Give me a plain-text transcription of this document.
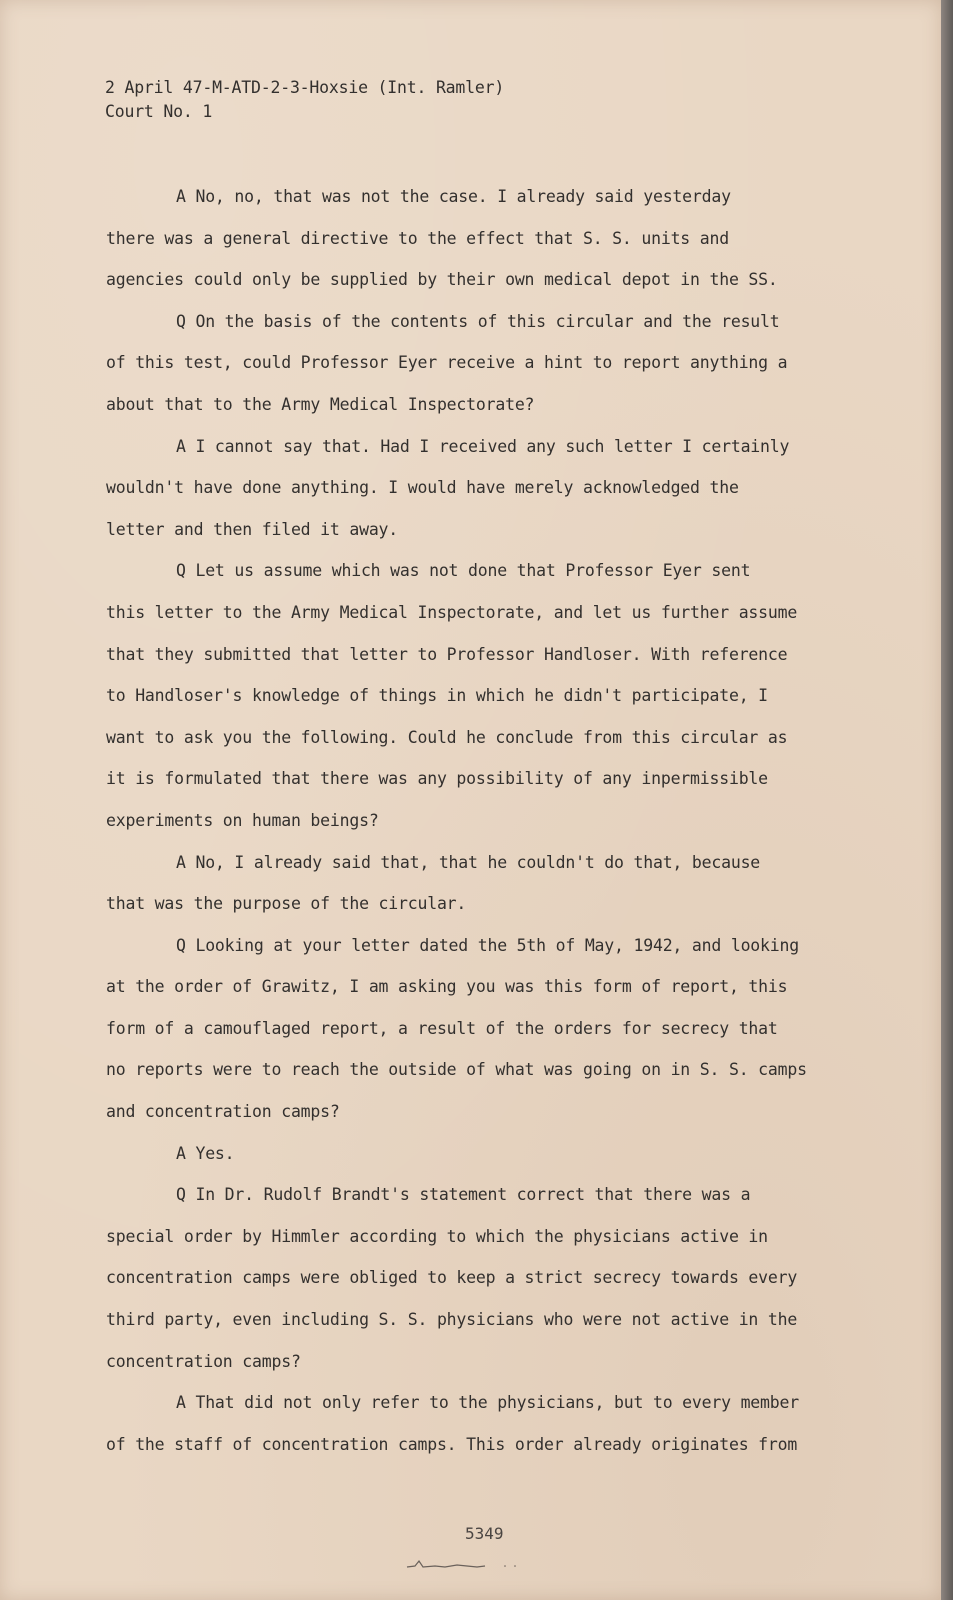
2 April 47-M-ATD-2-3-Hoxsie (Int. Ramler)
Court No. 1
A No, no, that was not the case. I already said yesterday
there was a general directive to the effect that S. S. units and
agencies could only be supplied by their own medical depot in the SS.
Q On the basis of the contents of this circular and the result
of this test, could Professor Eyer receive a hint to report anything a
about that to the Army Medical Inspectorate?
A I cannot say that. Had I received any such letter I certainly
wouldn't have done anything. I would have merely acknowledged the
letter and then filed it away.
Q Let us assume which was not done that Professor Eyer sent
this letter to the Army Medical Inspectorate, and let us further assume
that they submitted that letter to Professor Handloser. With reference
to Handloser's knowledge of things in which he didn't participate, I
want to ask you the following. Could he conclude from this circular as
it is formulated that there was any possibility of any inpermissible
experiments on human beings?
A No, I already said that, that he couldn't do that, because
that was the purpose of the circular.
Q Looking at your letter dated the 5th of May, 1942, and looking
at the order of Grawitz, I am asking you was this form of report, this
form of a camouflaged report, a result of the orders for secrecy that
no reports were to reach the outside of what was going on in S. S. camps
and concentration camps?
A Yes.
Q In Dr. Rudolf Brandt's statement correct that there was a
special order by Himmler according to which the physicians active in
concentration camps were obliged to keep a strict secrecy towards every
third party, even including S. S. physicians who were not active in the
concentration camps?
A That did not only refer to the physicians, but to every member
of the staff of concentration camps. This order already originates from
5349
